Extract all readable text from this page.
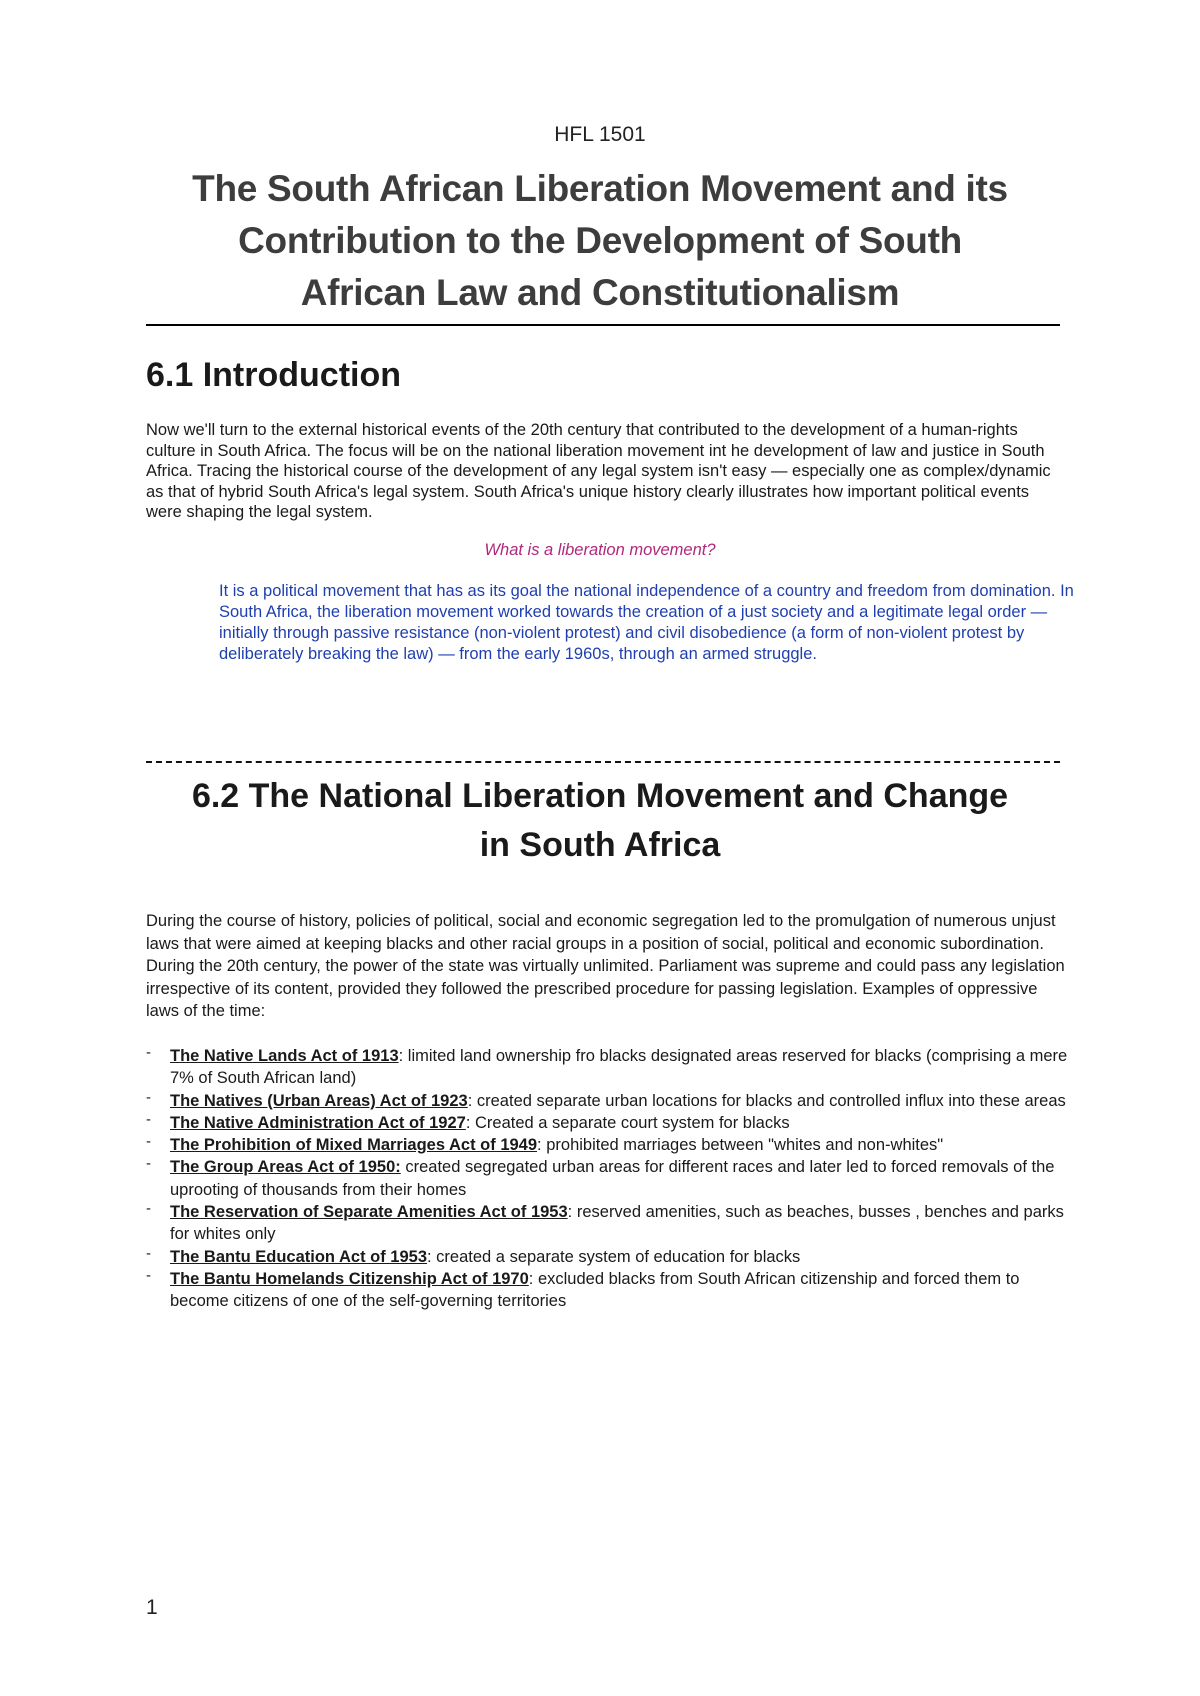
HFL 1501
The South African Liberation Movement and its
Contribution to the Development of South
African Law and Constitutionalism
6.1 Introduction
Now we'll turn to the external historical events of the 20th century that contributed to the development of a human-rights culture in South Africa. The focus will be on the national liberation movement int he development of law and justice in South Africa. Tracing the historical course of the development of any legal system isn't easy — especially one as complex/dynamic as that of hybrid South Africa's legal system. South Africa's unique history clearly illustrates how important political events were shaping the legal system.
What is a liberation movement?
It is a political movement that has as its goal the national independence of a country and freedom from domination. In South Africa, the liberation movement worked towards the creation of a just society and a legitimate legal order — initially through passive resistance (non-violent protest) and civil disobedience (a form of non-violent protest by deliberately breaking the law) — from the early 1960s, through an armed struggle.
6.2 The National Liberation Movement and Change
in South Africa
During the course of history, policies of political, social and economic segregation led to the promulgation of numerous unjust laws that were aimed at keeping blacks and other racial groups in a position of social, political and economic subordination. During the 20th century, the power of the state was virtually unlimited. Parliament was supreme and could pass any legislation irrespective of its content, provided they followed the prescribed procedure for passing legislation. Examples of oppressive laws of the time:
- The Native Lands Act of 1913: limited land ownership fro blacks designated areas reserved for blacks (comprising a mere 7% of South African land)
- The Natives (Urban Areas) Act of 1923: created separate urban locations for blacks and controlled influx into these areas
- The Native Administration Act of 1927: Created a separate court system for blacks
- The Prohibition of Mixed Marriages Act of 1949: prohibited marriages between "whites and non-whites"
- The Group Areas Act of 1950: created segregated urban areas for different races and later led to forced removals of the uprooting of thousands from their homes
- The Reservation of Separate Amenities Act of 1953: reserved amenities, such as beaches, busses , benches and parks for whites only
- The Bantu Education Act of 1953: created a separate system of education for blacks
- The Bantu Homelands Citizenship Act of 1970: excluded blacks from South African citizenship and forced them to become citizens of one of the self-governing territories
1
